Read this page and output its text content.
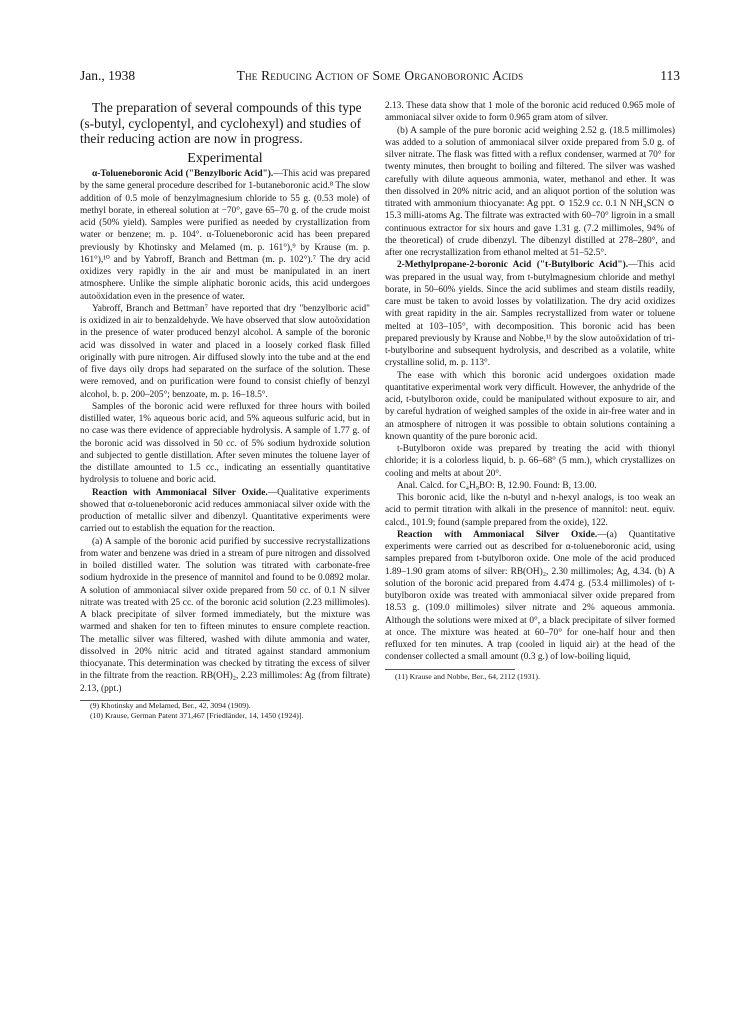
Jan., 1938	The Reducing Action of Some Organoboronic Acids	113

The preparation of several compounds of this type (s-butyl, cyclopentyl, and cyclohexyl) and studies of their reducing action are now in progress.

Experimental

α-Tolueneboronic Acid ("Benzylboric Acid").—This acid was prepared by the same general procedure described for 1-butaneboronic acid.⁸ The slow addition of 0.5 mole of benzylmagnesium chloride to 55 g. (0.53 mole) of methyl borate, in ethereal solution at −70°, gave 65–70 g. of the crude moist acid (50% yield). Samples were purified as needed by crystallization from water or benzene; m. p. 104°. α-Tolueneboronic acid has been prepared previously by Khotinsky and Melamed (m. p. 161°),⁹ by Krause (m. p. 161°),¹⁰ and by Yabroff, Branch and Bettman (m. p. 102°).⁷ The dry acid oxidizes very rapidly in the air and must be manipulated in an inert atmosphere. Unlike the simple aliphatic boronic acids, this acid undergoes autoöxidation even in the presence of water.

Yabroff, Branch and Bettman⁷ have reported that dry "benzylboric acid" is oxidized in air to benzaldehyde. We have observed that slow autoöxidation in the presence of water produced benzyl alcohol. A sample of the boronic acid was dissolved in water and placed in a loosely corked flask filled originally with pure nitrogen. Air diffused slowly into the tube and at the end of five days oily drops had separated on the surface of the solution. These were removed, and on purification were found to consist chiefly of benzyl alcohol, b. p. 200–205°; benzoate, m. p. 16–18.5°.

Samples of the boronic acid were refluxed for three hours with boiled distilled water, 1% aqueous boric acid, and 5% aqueous sulfuric acid, but in no case was there evidence of appreciable hydrolysis. A sample of 1.77 g. of the boronic acid was dissolved in 50 cc. of 5% sodium hydroxide solution and subjected to gentle distillation. After seven minutes the toluene layer of the distillate amounted to 1.5 cc., indicating an essentially quantitative hydrolysis to toluene and boric acid.

Reaction with Ammoniacal Silver Oxide.—Qualitative experiments showed that α-tolueneboronic acid reduces ammoniacal silver oxide with the production of metallic silver and dibenzyl. Quantitative experiments were carried out to establish the equation for the reaction.

(a) A sample of the boronic acid purified by successive recrystallizations from water and benzene was dried in a stream of pure nitrogen and dissolved in boiled distilled water. The solution was titrated with carbonate-free sodium hydroxide in the presence of mannitol and found to be 0.0892 molar. A solution of ammoniacal silver oxide prepared from 50 cc. of 0.1 N silver nitrate was treated with 25 cc. of the boronic acid solution (2.23 millimoles). A black precipitate of silver formed immediately, but the mixture was warmed and shaken for ten to fifteen minutes to ensure complete reaction. The metallic silver was filtered, washed with dilute ammonia and water, dissolved in 20% nitric acid and titrated against standard ammonium thiocyanate. This determination was checked by titrating the excess of silver in the filtrate from the reaction. RB(OH)₂, 2.23 millimoles: Ag (from filtrate) 2.13, (ppt.)

(9) Khotinsky and Melamed, Ber., 42, 3094 (1909).

(10) Krause, German Patent 371,467 [Friedländer, 14, 1450 (1924)].

2.13. These data show that 1 mole of the boronic acid reduced 0.965 mole of ammoniacal silver oxide to form 0.965 gram atom of silver.

(b) A sample of the pure boronic acid weighing 2.52 g. (18.5 millimoles) was added to a solution of ammoniacal silver oxide prepared from 5.0 g. of silver nitrate. The flask was fitted with a reflux condenser, warmed at 70° for twenty minutes, then brought to boiling and filtered. The silver was washed carefully with dilute aqueous ammonia, water, methanol and ether. It was then dissolved in 20% nitric acid, and an aliquot portion of the solution was titrated with ammonium thiocyanate: Ag ppt. ≎ 152.9 cc. 0.1 N NH₄SCN ≎ 15.3 milli-atoms Ag. The filtrate was extracted with 60–70° ligroin in a small continuous extractor for six hours and gave 1.31 g. (7.2 millimoles, 94% of the theoretical) of crude dibenzyl. The dibenzyl distilled at 278–280°, and after one recrystallization from ethanol melted at 51–52.5°.

2-Methylpropane-2-boronic Acid ("t-Butylboric Acid").—This acid was prepared in the usual way, from t-butylmagnesium chloride and methyl borate, in 50–60% yields. Since the acid sublimes and steam distils readily, care must be taken to avoid losses by volatilization. The dry acid oxidizes with great rapidity in the air. Samples recrystallized from water or toluene melted at 103–105°, with decomposition. This boronic acid has been prepared previously by Krause and Nobbe,¹¹ by the slow autoöxidation of tri-t-butylborine and subsequent hydrolysis, and described as a volatile, white crystalline solid, m. p. 113°.

The ease with which this boronic acid undergoes oxidation made quantitative experimental work very difficult. However, the anhydride of the acid, t-butylboron oxide, could be manipulated without exposure to air, and by careful hydration of weighed samples of the oxide in air-free water and in an atmosphere of nitrogen it was possible to obtain solutions containing a known quantity of the pure boronic acid.

t-Butylboron oxide was prepared by treating the acid with thionyl chloride; it is a colorless liquid, b. p. 66–68° (5 mm.), which crystallizes on cooling and melts at about 20°.

Anal. Calcd. for C₄H₉BO: B, 12.90. Found: B, 13.00.

This boronic acid, like the n-butyl and n-hexyl analogs, is too weak an acid to permit titration with alkali in the presence of mannitol: neut. equiv. calcd., 101.9; found (sample prepared from the oxide), 122.

Reaction with Ammoniacal Silver Oxide.—(a) Quantitative experiments were carried out as described for α-tolueneboronic acid, using samples prepared from t-butylboron oxide. One mole of the acid produced 1.89–1.90 gram atoms of silver: RB(OH)₂, 2.30 millimoles; Ag, 4.34. (b) A solution of the boronic acid prepared from 4.474 g. (53.4 millimoles) of t-butylboron oxide was treated with ammoniacal silver oxide prepared from 18.53 g. (109.0 millimoles) silver nitrate and 2% aqueous ammonia. Although the solutions were mixed at 0°, a black precipitate of silver formed at once. The mixture was heated at 60–70° for one-half hour and then refluxed for ten minutes. A trap (cooled in liquid air) at the head of the condenser collected a small amount (0.3 g.) of low-boiling liquid,

(11) Krause and Nobbe, Ber., 64, 2112 (1931).
